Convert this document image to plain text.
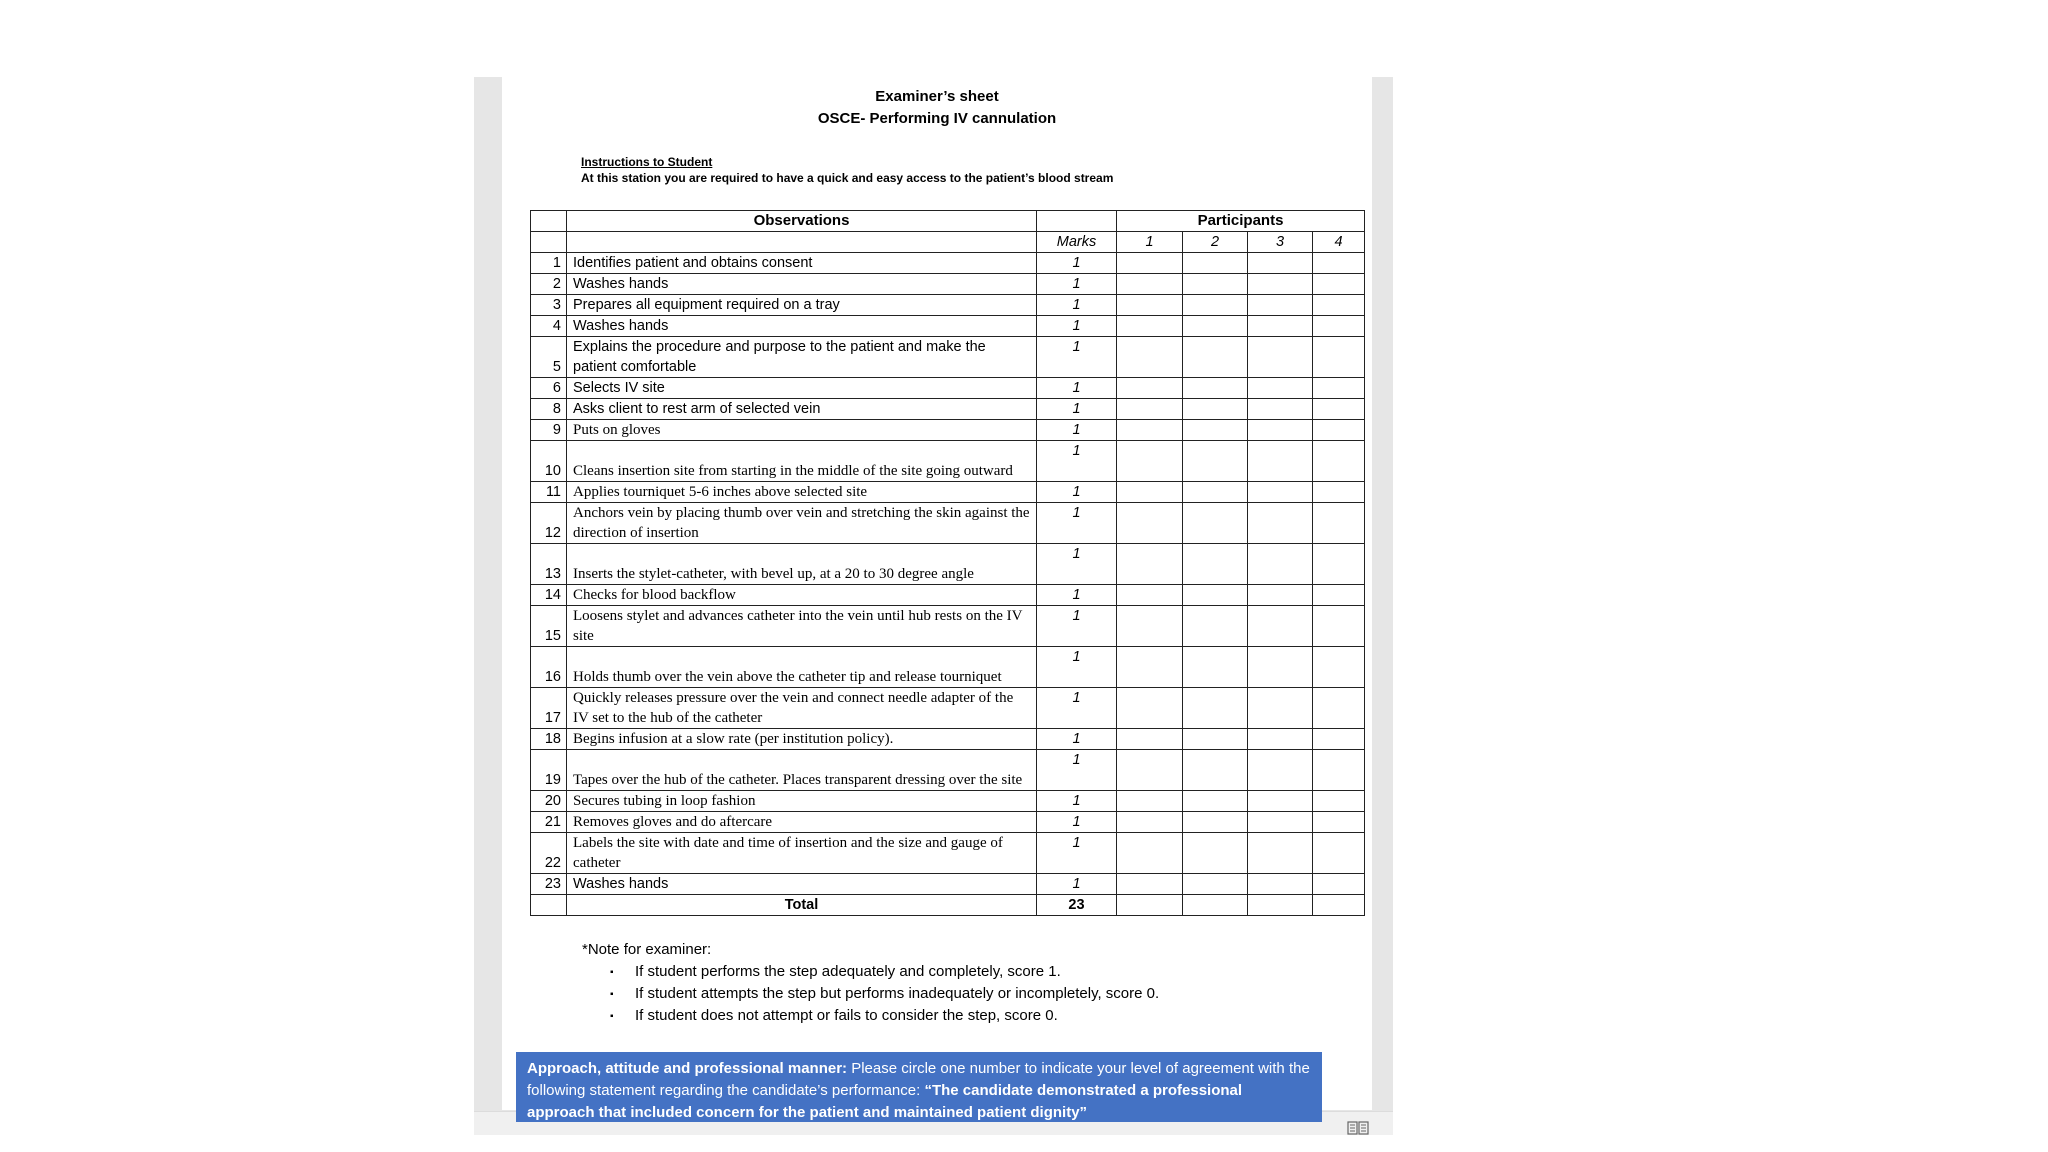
Examiner’s sheet
OSCE- Performing IV cannulation
Instructions to Student
At this station you are required to have a quick and easy access to the patient’s blood stream
	Observations		Participants			
		Marks	1	2	3	4
1	Identifies patient and obtains consent	1				
2	Washes hands	1				
3	Prepares all equipment required on a tray	1				
4	Washes hands	1				
5	Explains the procedure and purpose to the patient and make the patient comfortable	1				
6	Selects IV site	1				
8	Asks client to rest arm of selected vein	1				
9	Puts on gloves	1				
10	Cleans insertion site from starting in the middle of the site going outward	1				
11	Applies tourniquet 5-6 inches above selected site	1				
12	Anchors vein by placing thumb over vein and stretching the skin against the direction of insertion	1				
13	Inserts the stylet-catheter, with bevel up, at a 20 to 30 degree angle	1				
14	Checks for blood backflow	1				
15	Loosens stylet and advances catheter into the vein until hub rests on the IV site	1				
16	Holds thumb over the vein above the catheter tip and release tourniquet	1				
17	Quickly releases pressure over the vein and connect needle adapter of the IV set to the hub of the catheter	1				
18	Begins infusion at a slow rate (per institution policy).	1				
19	Tapes over the hub of the catheter. Places transparent dressing over the site	1				
20	Secures tubing in loop fashion	1				
21	Removes gloves and do aftercare	1				
22	Labels the site with date and time of insertion and the size and gauge of catheter	1				
23	Washes hands	1				
	Total	23				
*Note for examiner:
▪ If student performs the step adequately and completely, score 1.
▪ If student attempts the step but performs inadequately or incompletely, score 0.
▪ If student does not attempt or fails to consider the step, score 0.
Approach, attitude and professional manner: Please circle one number to indicate your level of agreement with the following statement regarding the candidate’s performance: “The candidate demonstrated a professional approach that included concern for the patient and maintained patient dignity”
